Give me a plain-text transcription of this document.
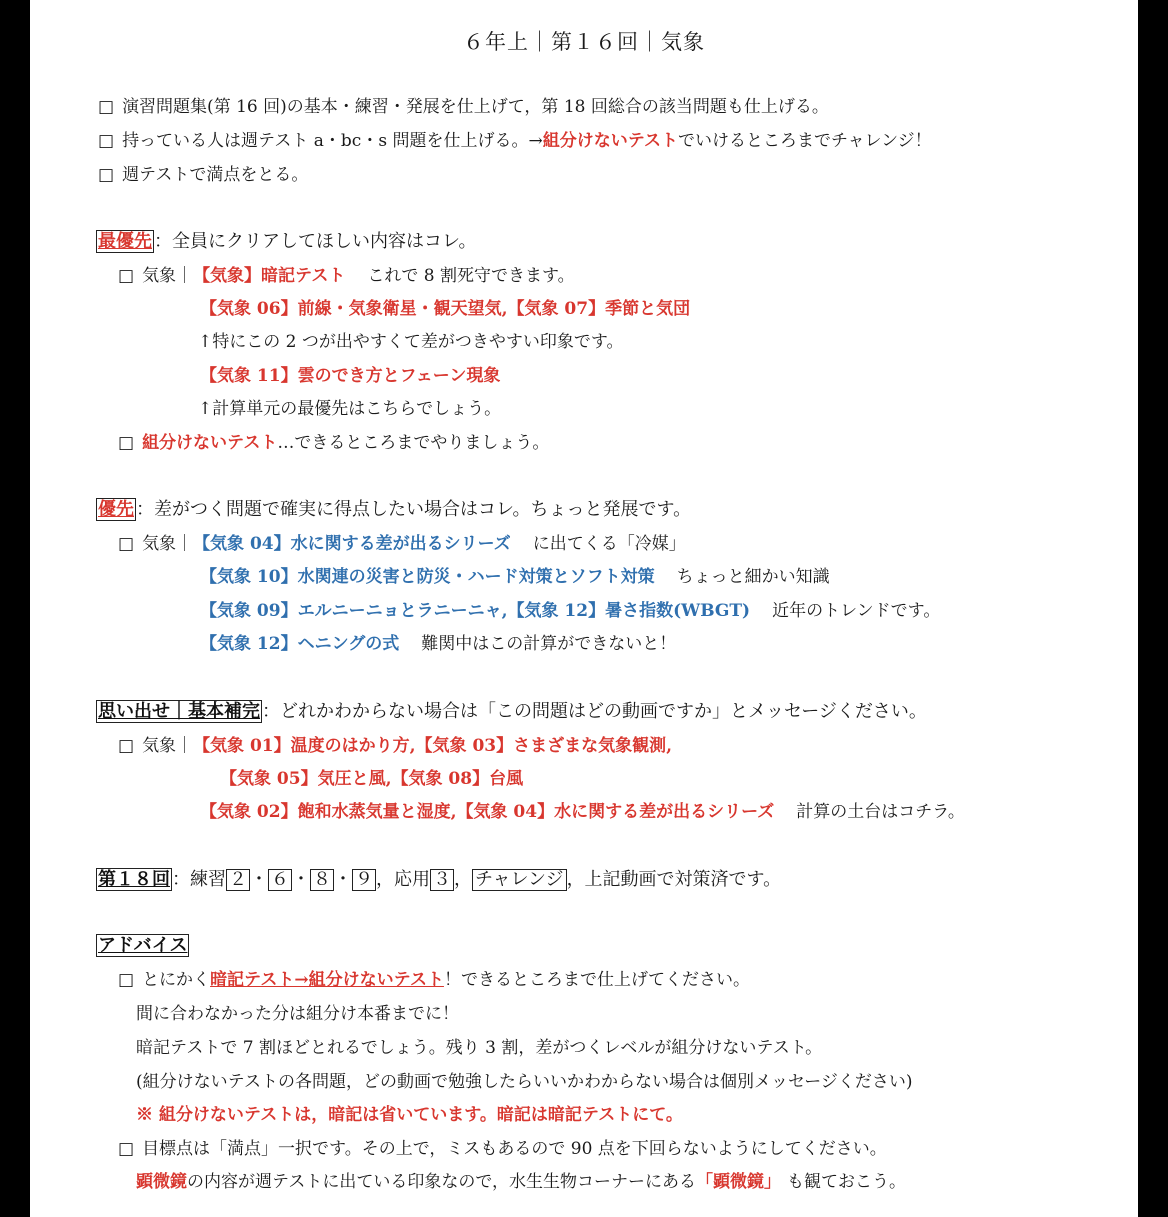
６年上｜第１６回｜気象
□ 演習問題集(第 16 回)の基本・練習・発展を仕上げて，第 18 回総合の該当問題も仕上げる。
□ 持っている人は週テスト a・bc・s 問題を仕上げる。→組分けないテストでいけるところまでチャレンジ！
□ 週テストで満点をとる。
最優先 ：全員にクリアしてほしい内容はコレ。
□ 気象｜【気象】暗記テスト これで 8 割死守できます。
【気象 06】前線・気象衛星・観天望気,【気象 07】季節と気団
↑特にこの 2 つが出やすくて差がつきやすい印象です。
【気象 11】雲のでき方とフェーン現象
↑計算単元の最優先はこちらでしょう。
□ 組分けないテスト…できるところまでやりましょう。
優先 ：差がつく問題で確実に得点したい場合はコレ。ちょっと発展です。
□ 気象｜【気象 04】水に関する差が出るシリーズ に出てくる「冷媒」
【気象 10】水関連の災害と防災・ハード対策とソフト対策 ちょっと細かい知識
【気象 09】エルニーニョとラニーニャ,【気象 12】暑さ指数(WBGT) 近年のトレンドです。
【気象 12】ヘニングの式 難関中はこの計算ができないと！
思い出せ｜基本補完 ：どれかわからない場合は「この問題はどの動画ですか」とメッセージください。
□ 気象｜【気象 01】温度のはかり方,【気象 03】さまざまな気象観測,
【気象 05】気圧と風,【気象 08】台風
【気象 02】飽和水蒸気量と湿度,【気象 04】水に関する差が出るシリーズ 計算の土台はコチラ。
第１８回 ：練習 ２ ・ ６ ・ ８ ・ ９ ，応用 ３ ， チャレンジ ，上記動画で対策済です。
アドバイス
□ とにかく暗記テスト→組分けないテスト！できるところまで仕上げてください。
間に合わなかった分は組分け本番までに！
暗記テストで 7 割ほどとれるでしょう。残り 3 割，差がつくレベルが組分けないテスト。
(組分けないテストの各問題，どの動画で勉強したらいいかわからない場合は個別メッセージください)
※ 組分けないテストは，暗記は省いています。暗記は暗記テストにて。
□ 目標点は「満点」一択です。その上で，ミスもあるので 90 点を下回らないようにしてください。
顕微鏡の内容が週テストに出ている印象なので，水生生物コーナーにある「顕微鏡」 も観ておこう。
